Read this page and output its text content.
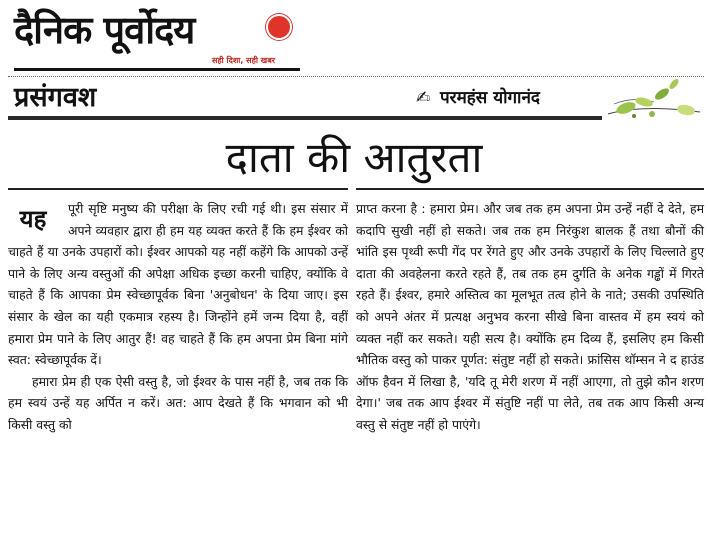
दैनिक पूर्वोदय
सही दिशा, सही खबर
प्रसंगवश	✍ परमहंस योगानंद
दाता की आतुरता
यह	पूरी सृष्टि मनुष्य की परीक्षा के लिए रची गई थी। इस संसार में अपने व्यवहार द्वारा ही हम यह व्यक्त करते हैं कि हम ईश्वर को चाहते हैं या उनके उपहारों को। ईश्वर आपको यह नहीं कहेंगे कि आपको उन्हें पाने के लिए अन्य वस्तुओं की अपेक्षा अधिक इच्छा करनी चाहिए, क्योंकि वे चाहते हैं कि आपका प्रेम स्वेच्छापूर्वक बिना 'अनुबोधन' के दिया जाए। इस संसार के खेल का यही एकमात्र रहस्य है। जिन्होंने हमें जन्म दिया है, वहीं हमारा प्रेम पाने के लिए आतुर हैं! वह चाहते हैं कि हम अपना प्रेम बिना मांगे स्वत: स्वेच्छापूर्वक दें।

हमारा प्रेम ही एक ऐसी वस्तु है, जो ईश्वर के पास नहीं है, जब तक कि हम स्वयं उन्हें यह अर्पित न करें। अत: आप देखते हैं कि भगवान को भी किसी वस्तु को

प्राप्त करना है : हमारा प्रेम। और जब तक हम अपना प्रेम उन्हें नहीं दे देते, हम कदापि सुखी नहीं हो सकते। जब तक हम निरंकुश बालक हैं तथा बौनों की भांति इस पृथ्वी रूपी गेंद पर रेंगते हुए और उनके उपहारों के लिए चिल्लाते हुए दाता की अवहेलना करते रहते हैं, तब तक हम दुर्गति के अनेक गड्ढों में गिरते रहते हैं। ईश्वर, हमारे अस्तित्व का मूलभूत तत्व होने के नाते; उसकी उपस्थिति को अपने अंतर में प्रत्यक्ष अनुभव करना सीखे बिना वास्तव में हम स्वयं को व्यक्त नहीं कर सकते। यही सत्य है। क्योंकि हम दिव्य हैं, इसलिए हम किसी भौतिक वस्तु को पाकर पूर्णत: संतुष्ट नहीं हो सकते। फ्रांसिस थॉम्सन ने द हाउंड ऑफ हैवन में लिखा है, 'यदि तू मेरी शरण में नहीं आएगा, तो तुझे कौन शरण देगा।' जब तक आप ईश्वर में संतुष्टि नहीं पा लेते, तब तक आप किसी अन्य वस्तु से संतुष्ट नहीं हो पाएंगे।
